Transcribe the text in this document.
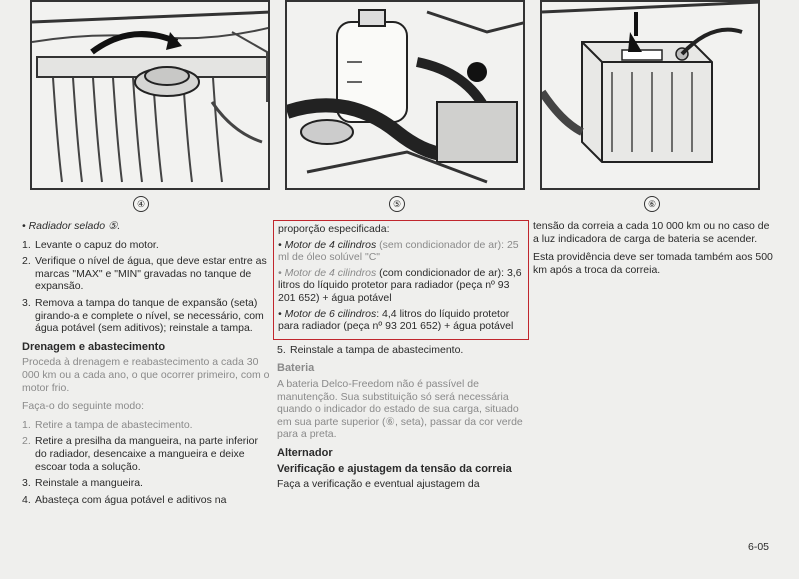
④	⑤	⑥
• Radiador selado ⑤.
1. Levante o capuz do motor.
2. Verifique o nível de água, que deve estar entre as marcas "MAX" e "MIN" gravadas no tanque de expansão.
3. Remova a tampa do tanque de expansão (seta) girando-a e complete o nível, se necessário, com água potável (sem aditivos); reinstale a tampa.
Drenagem e abastecimento
Proceda à drenagem e reabastecimento a cada 30 000 km ou a cada ano, o que ocorrer primeiro, com o motor frio.
Faça-o do seguinte modo:
1. Retire a tampa de abastecimento.
2. Retire a presilha da mangueira, na parte inferior do radiador, desencaixe a mangueira e deixe escoar toda a solução.
3. Reinstale a mangueira.
4. Abasteça com água potável e aditivos na
proporção especificada:
• Motor de 4 cilindros (sem condicionador de ar): 25 ml de óleo solúvel "C"
• Motor de 4 cilindros (com condicionador de ar): 3,6 litros do líquido protetor para radiador (peça nº 93 201 652) + água potável
• Motor de 6 cilindros: 4,4 litros do líquido protetor para radiador (peça nº 93 201 652) + água potável
5. Reinstale a tampa de abastecimento.
Bateria
A bateria Delco-Freedom não é passível de manutenção. Sua substituição só será necessária quando o indicador do estado de sua carga, situado em sua parte superior (⑥, seta), passar da cor verde para a preta.
Alternador
Verificação e ajustagem da tensão da correia
Faça a verificação e eventual ajustagem da
tensão da correia a cada 10 000 km ou no caso de a luz indicadora de carga de bateria se acender.
Esta providência deve ser tomada também aos 500 km após a troca da correia.
6-05
